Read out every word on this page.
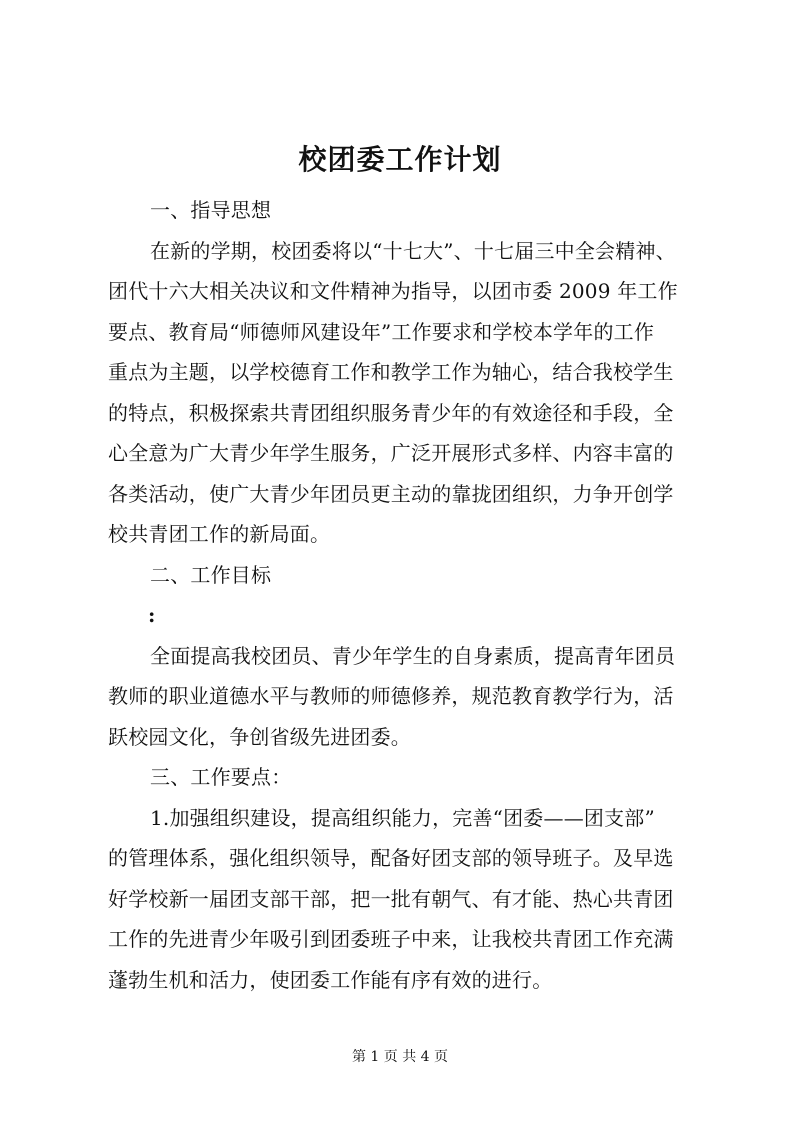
校团委工作计划
一、指导思想
在新的学期，校团委将以“十七大”、十七届三中全会精神、
团代十六大相关决议和文件精神为指导，以团市委 2009 年工作
要点、教育局“师德师风建设年”工作要求和学校本学年的工作
重点为主题，以学校德育工作和教学工作为轴心，结合我校学生
的特点，积极探索共青团组织服务青少年的有效途径和手段，全
心全意为广大青少年学生服务，广泛开展形式多样、内容丰富的
各类活动，使广大青少年团员更主动的靠拢团组织，力争开创学
校共青团工作的新局面。
二、工作目标
:
全面提高我校团员、青少年学生的自身素质，提高青年团员
教师的职业道德水平与教师的师德修养，规范教育教学行为，活
跃校园文化，争创省级先进团委。
三、工作要点：
1.加强组织建设，提高组织能力，完善“团委——团支部”
的管理体系，强化组织领导，配备好团支部的领导班子。及早选
好学校新一届团支部干部，把一批有朝气、有才能、热心共青团
工作的先进青少年吸引到团委班子中来，让我校共青团工作充满
蓬勃生机和活力，使团委工作能有序有效的进行。
第 1 页 共 4 页
